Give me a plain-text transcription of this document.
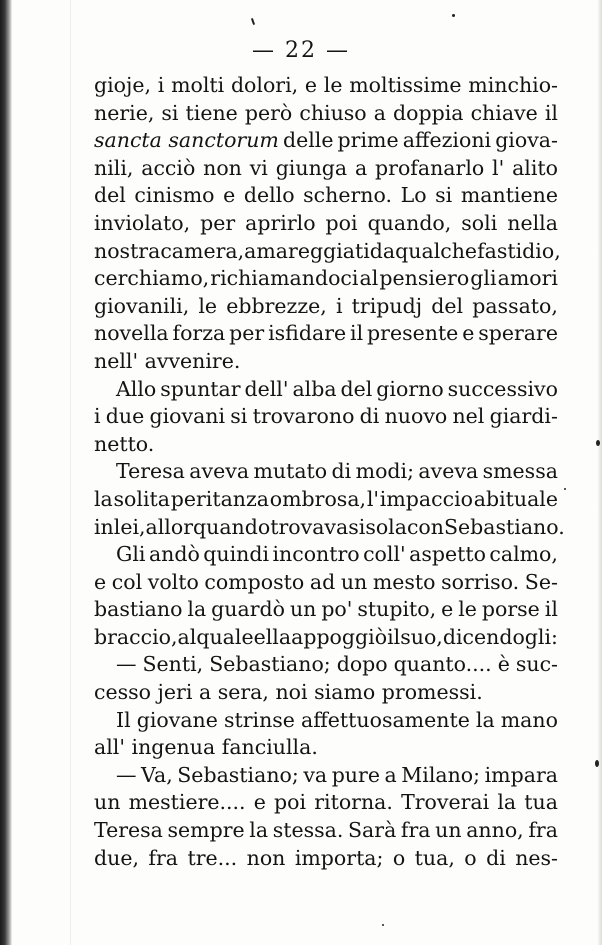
— 22 —
gioje, i molti dolori, e le moltissime minchio-
nerie, si tiene però chiuso a doppia chiave il
sancta sanctorum delle prime affezioni giova-
nili, acciò non vi giunga a profanarlo l' alito
del cinismo e dello scherno. Lo si mantiene
inviolato, per aprirlo poi quando, soli nella
nostra camera, amareggiati da qualche fastidio,
cerchiamo, richiamandoci al pensiero gli amori
giovanili, le ebbrezze, i tripudj del passato,
novella forza per isfidare il presente e sperare
nell' avvenire.
Allo spuntar dell' alba del giorno successivo
i due giovani si trovarono di nuovo nel giardi-
netto.
Teresa aveva mutato di modi; aveva smessa
la solita peritanza ombrosa, l' impaccio abituale
in lei, allorquando trovavasi sola con Sebastiano.
Gli andò quindi incontro coll' aspetto calmo,
e col volto composto ad un mesto sorriso. Se-
bastiano la guardò un po' stupito, e le porse il
braccio, al quale ella appoggiò il suo, dicendogli:
— Senti, Sebastiano; dopo quanto.... è suc-
cesso jeri a sera, noi siamo promessi.
Il giovane strinse affettuosamente la mano
all' ingenua fanciulla.
— Va, Sebastiano; va pure a Milano; impara
un mestiere.... e poi ritorna. Troverai la tua
Teresa sempre la stessa. Sarà fra un anno, fra
due, fra tre... non importa; o tua, o di nes-
